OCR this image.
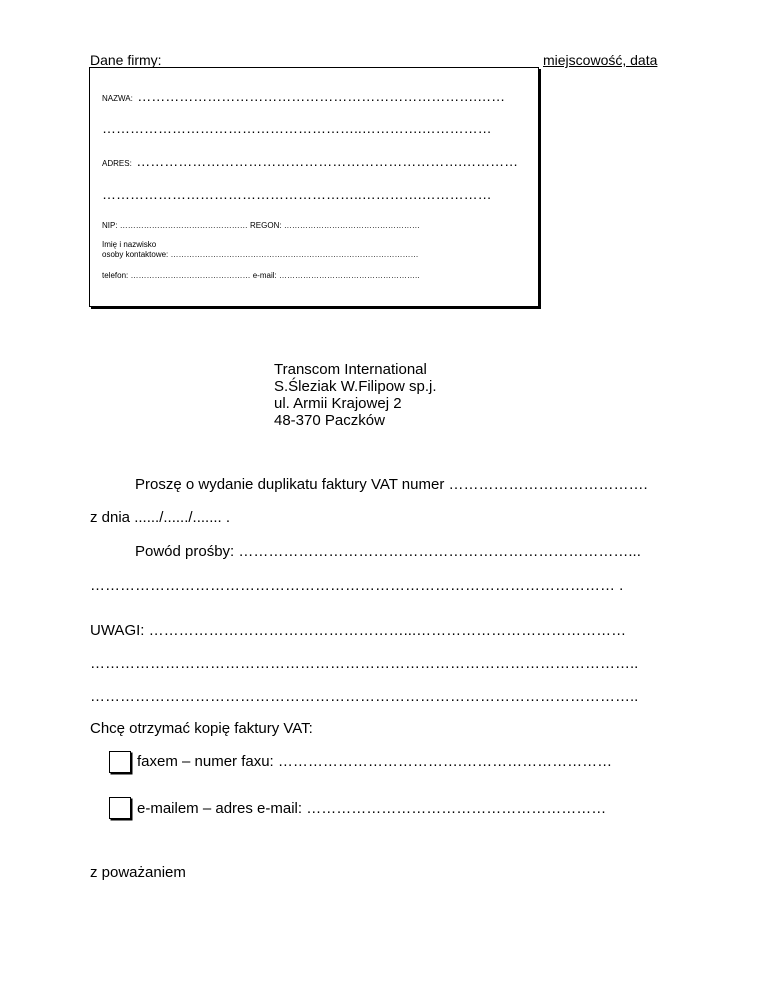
Dane firmy:	miejscowość, data
NAZWA: ……………………………………………………………….……
………………………………………………..………….……………
ADRES: …………………………………………………………….…………
………………………………………………..………….……………
NIP: ………………………………………… REGON: ……………………………………………
Imię i nazwisko
osoby kontaktowe: …………………………………………………………………………………
telefon: ……………………………………… e-mail: ……………………………………………..
Transcom International
S.Śleziak W.Filipow sp.j.
ul. Armii Krajowej 2
48-370 Paczków
Proszę o wydanie duplikatu faktury VAT numer ………………………………….
z dnia ....../....../....... .
Powód prośby: ……………………………………………………………………...
…………………………………………………………………………………………… .
UWAGI: ……………………………………………...……………………………………
………………………………………………………………………………………………..
………………………………………………………………………………………………..
Chcę otrzymać kopię faktury VAT:
faxem – numer faxu: ……………………………….…………………………
e-mailem – adres e-mail: ……………………………………………………
z poważaniem
